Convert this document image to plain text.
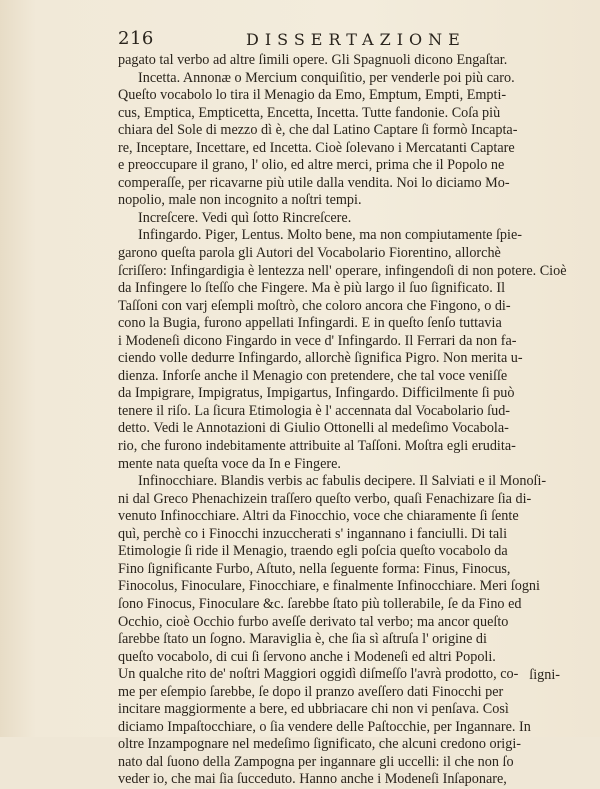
216	DISSERTAZIONE
pagato tal verbo ad altre ſimili opere. Gli Spagnuoli dicono Engaſtar.
Incetta. Annonæ o Mercium conquiſitio, per venderle poi più caro.
Queſto vocabolo lo tira il Menagio da Emo, Emptum, Empti, Empti-
cus, Emptica, Empticetta, Encetta, Incetta. Tutte fandonie. Coſa più
chiara del Sole di mezzo dì è, che dal Latino Captare ſi formò Incapta-
re, Inceptare, Incettare, ed Incetta. Cioè ſolevano i Mercatanti Captare
e preoccupare il grano, l' olio, ed altre merci, prima che il Popolo ne
comperaſſe, per ricavarne più utile dalla vendita. Noi lo diciamo Mo-
nopolio, male non incognito a noſtri tempi.
Increſcere. Vedi quì ſotto Rincreſcere.
Infingardo. Piger, Lentus. Molto bene, ma non compiutamente ſpie-
garono queſta parola gli Autori del Vocabolario Fiorentino, allorchè
ſcriſſero: Infingardigia è lentezza nell' operare, infingendoſi di non potere. Cioè
da Infingere lo ſteſſo che Fingere. Ma è più largo il ſuo ſignificato. Il
Taſſoni con varj eſempli moſtrò, che coloro ancora che Fingono, o di-
cono la Bugia, furono appellati Infingardi. E in queſto ſenſo tuttavia
i Modeneſi dicono Fingardo in vece d' Infingardo. Il Ferrari da non fa-
ciendo volle dedurre Infingardo, allorchè ſignifica Pigro. Non merita u-
dienza. Inforſe anche il Menagio con pretendere, che tal voce veniſſe
da Impigrare, Impigratus, Impigartus, Infingardo. Difficilmente ſi può
tenere il riſo. La ſicura Etimologia è l' accennata dal Vocabolario ſud-
detto. Vedi le Annotazioni di Giulio Ottonelli al medeſimo Vocabola-
rio, che furono indebitamente attribuite al Taſſoni. Moſtra egli erudita-
mente nata queſta voce da In e Fingere.
Infinocchiare. Blandis verbis ac fabulis decipere. Il Salviati e il Monoſi-
ni dal Greco Phenachizein traſſero queſto verbo, quaſi Fenachizare ſia di-
venuto Infinocchiare. Altri da Finocchio, voce che chiaramente ſi ſente
quì, perchè co i Finocchi inzuccherati s' ingannano i fanciulli. Di tali
Etimologie ſi ride il Menagio, traendo egli poſcia queſto vocabolo da
Fino ſignificante Furbo, Aſtuto, nella ſeguente forma: Finus, Finocus,
Finocolus, Finoculare, Finocchiare, e finalmente Infinocchiare. Meri ſogni
ſono Finocus, Finoculare &c. ſarebbe ſtato più tollerabile, ſe da Fino ed
Occhio, cioè Occhio furbo aveſſe derivato tal verbo; ma ancor queſto
ſarebbe ſtato un ſogno. Maraviglia è, che ſia sì aſtruſa l' origine di
queſto vocabolo, di cui ſi ſervono anche i Modeneſi ed altri Popoli.
Un qualche rito de' noſtri Maggiori oggidì diſmeſſo l'avrà prodotto, co-
me per eſempio ſarebbe, ſe dopo il pranzo aveſſero dati Finocchi per
incitare maggiormente a bere, ed ubbriacare chi non vi penſava. Così
diciamo Impaſtocchiare, o ſia vendere delle Paſtocchie, per Ingannare. In
oltre Inzampognare nel medeſimo ſignificato, che alcuni credono origi-
nato dal ſuono della Zampogna per ingannare gli uccelli: il che non ſo
veder io, che mai ſia ſucceduto. Hanno anche i Modeneſi Inſaponare,
ſigni-
